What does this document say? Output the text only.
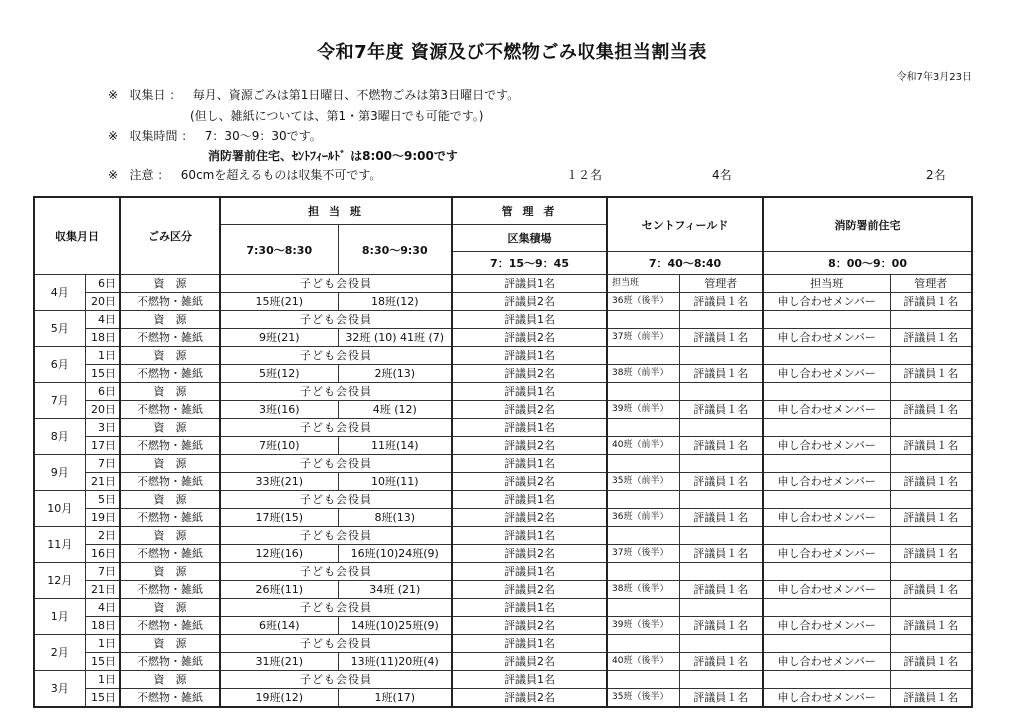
令和7年度 資源及び不燃物ごみ収集担当割当表
令和7年3月23日
※ 収集日 ： 毎月、資源ごみは第1日曜日、不燃物ごみは第3日曜日です。
(但し、雑紙については、第1・第3曜日でも可能です。)
※ 収集時間 ： 7：30～9：30です。
消防署前住宅、ｾﾝﾄﾌｨｰﾙﾄﾞ は8:00～9:00です
※ 注意 ： 60cmを超えるものは収集不可です。	１２名	4名	2名
収集月日		ごみ区分	担 当 班		管 理 者	セントフィールド		消防署前住宅	
			7:30～8:30	8:30～9:30	区集積場				
					7：15～9：45	7：40～8:40		8：00～9：00	
4月	6日	資　源	子ども会役員		評議員1名	担当班	管理者	担当班	管理者
	20日	不燃物・雑紙	15班(21)	18班(12)	評議員2名	36班（後半）	評議員１名	申し合わせメンバー	評議員１名
5月	4日	資　源	子ども会役員		評議員1名				
	18日	不燃物・雑紙	9班(21)	32班 (10) 41班 (7)	評議員2名	37班（前半）	評議員１名	申し合わせメンバー	評議員１名
6月	1日	資　源	子ども会役員		評議員1名				
	15日	不燃物・雑紙	5班(12)	2班(13)	評議員2名	38班（前半）	評議員１名	申し合わせメンバー	評議員１名
7月	6日	資　源	子ども会役員		評議員1名				
	20日	不燃物・雑紙	3班(16)	4班 (12)	評議員2名	39班（前半）	評議員１名	申し合わせメンバー	評議員１名
8月	3日	資　源	子ども会役員		評議員1名				
	17日	不燃物・雑紙	7班(10)	11班(14)	評議員2名	40班（前半）	評議員１名	申し合わせメンバー	評議員１名
9月	7日	資　源	子ども会役員		評議員1名				
	21日	不燃物・雑紙	33班(21)	10班(11)	評議員2名	35班（前半）	評議員１名	申し合わせメンバー	評議員１名
10月	5日	資　源	子ども会役員		評議員1名				
	19日	不燃物・雑紙	17班(15)	8班(13)	評議員2名	36班（前半）	評議員１名	申し合わせメンバー	評議員１名
11月	2日	資　源	子ども会役員		評議員1名				
	16日	不燃物・雑紙	12班(16)	16班(10)24班(9)	評議員2名	37班（後半）	評議員１名	申し合わせメンバー	評議員１名
12月	7日	資　源	子ども会役員		評議員1名				
	21日	不燃物・雑紙	26班(11)	34班 (21)	評議員2名	38班（後半）	評議員１名	申し合わせメンバー	評議員１名
1月	4日	資　源	子ども会役員		評議員1名				
	18日	不燃物・雑紙	6班(14)	14班(10)25班(9)	評議員2名	39班（後半）	評議員１名	申し合わせメンバー	評議員１名
2月	1日	資　源	子ども会役員		評議員1名				
	15日	不燃物・雑紙	31班(21)	13班(11)20班(4)	評議員2名	40班（後半）	評議員１名	申し合わせメンバー	評議員１名
3月	1日	資　源	子ども会役員		評議員1名				
	15日	不燃物・雑紙	19班(12)	1班(17)	評議員2名	35班（後半）	評議員１名	申し合わせメンバー	評議員１名
